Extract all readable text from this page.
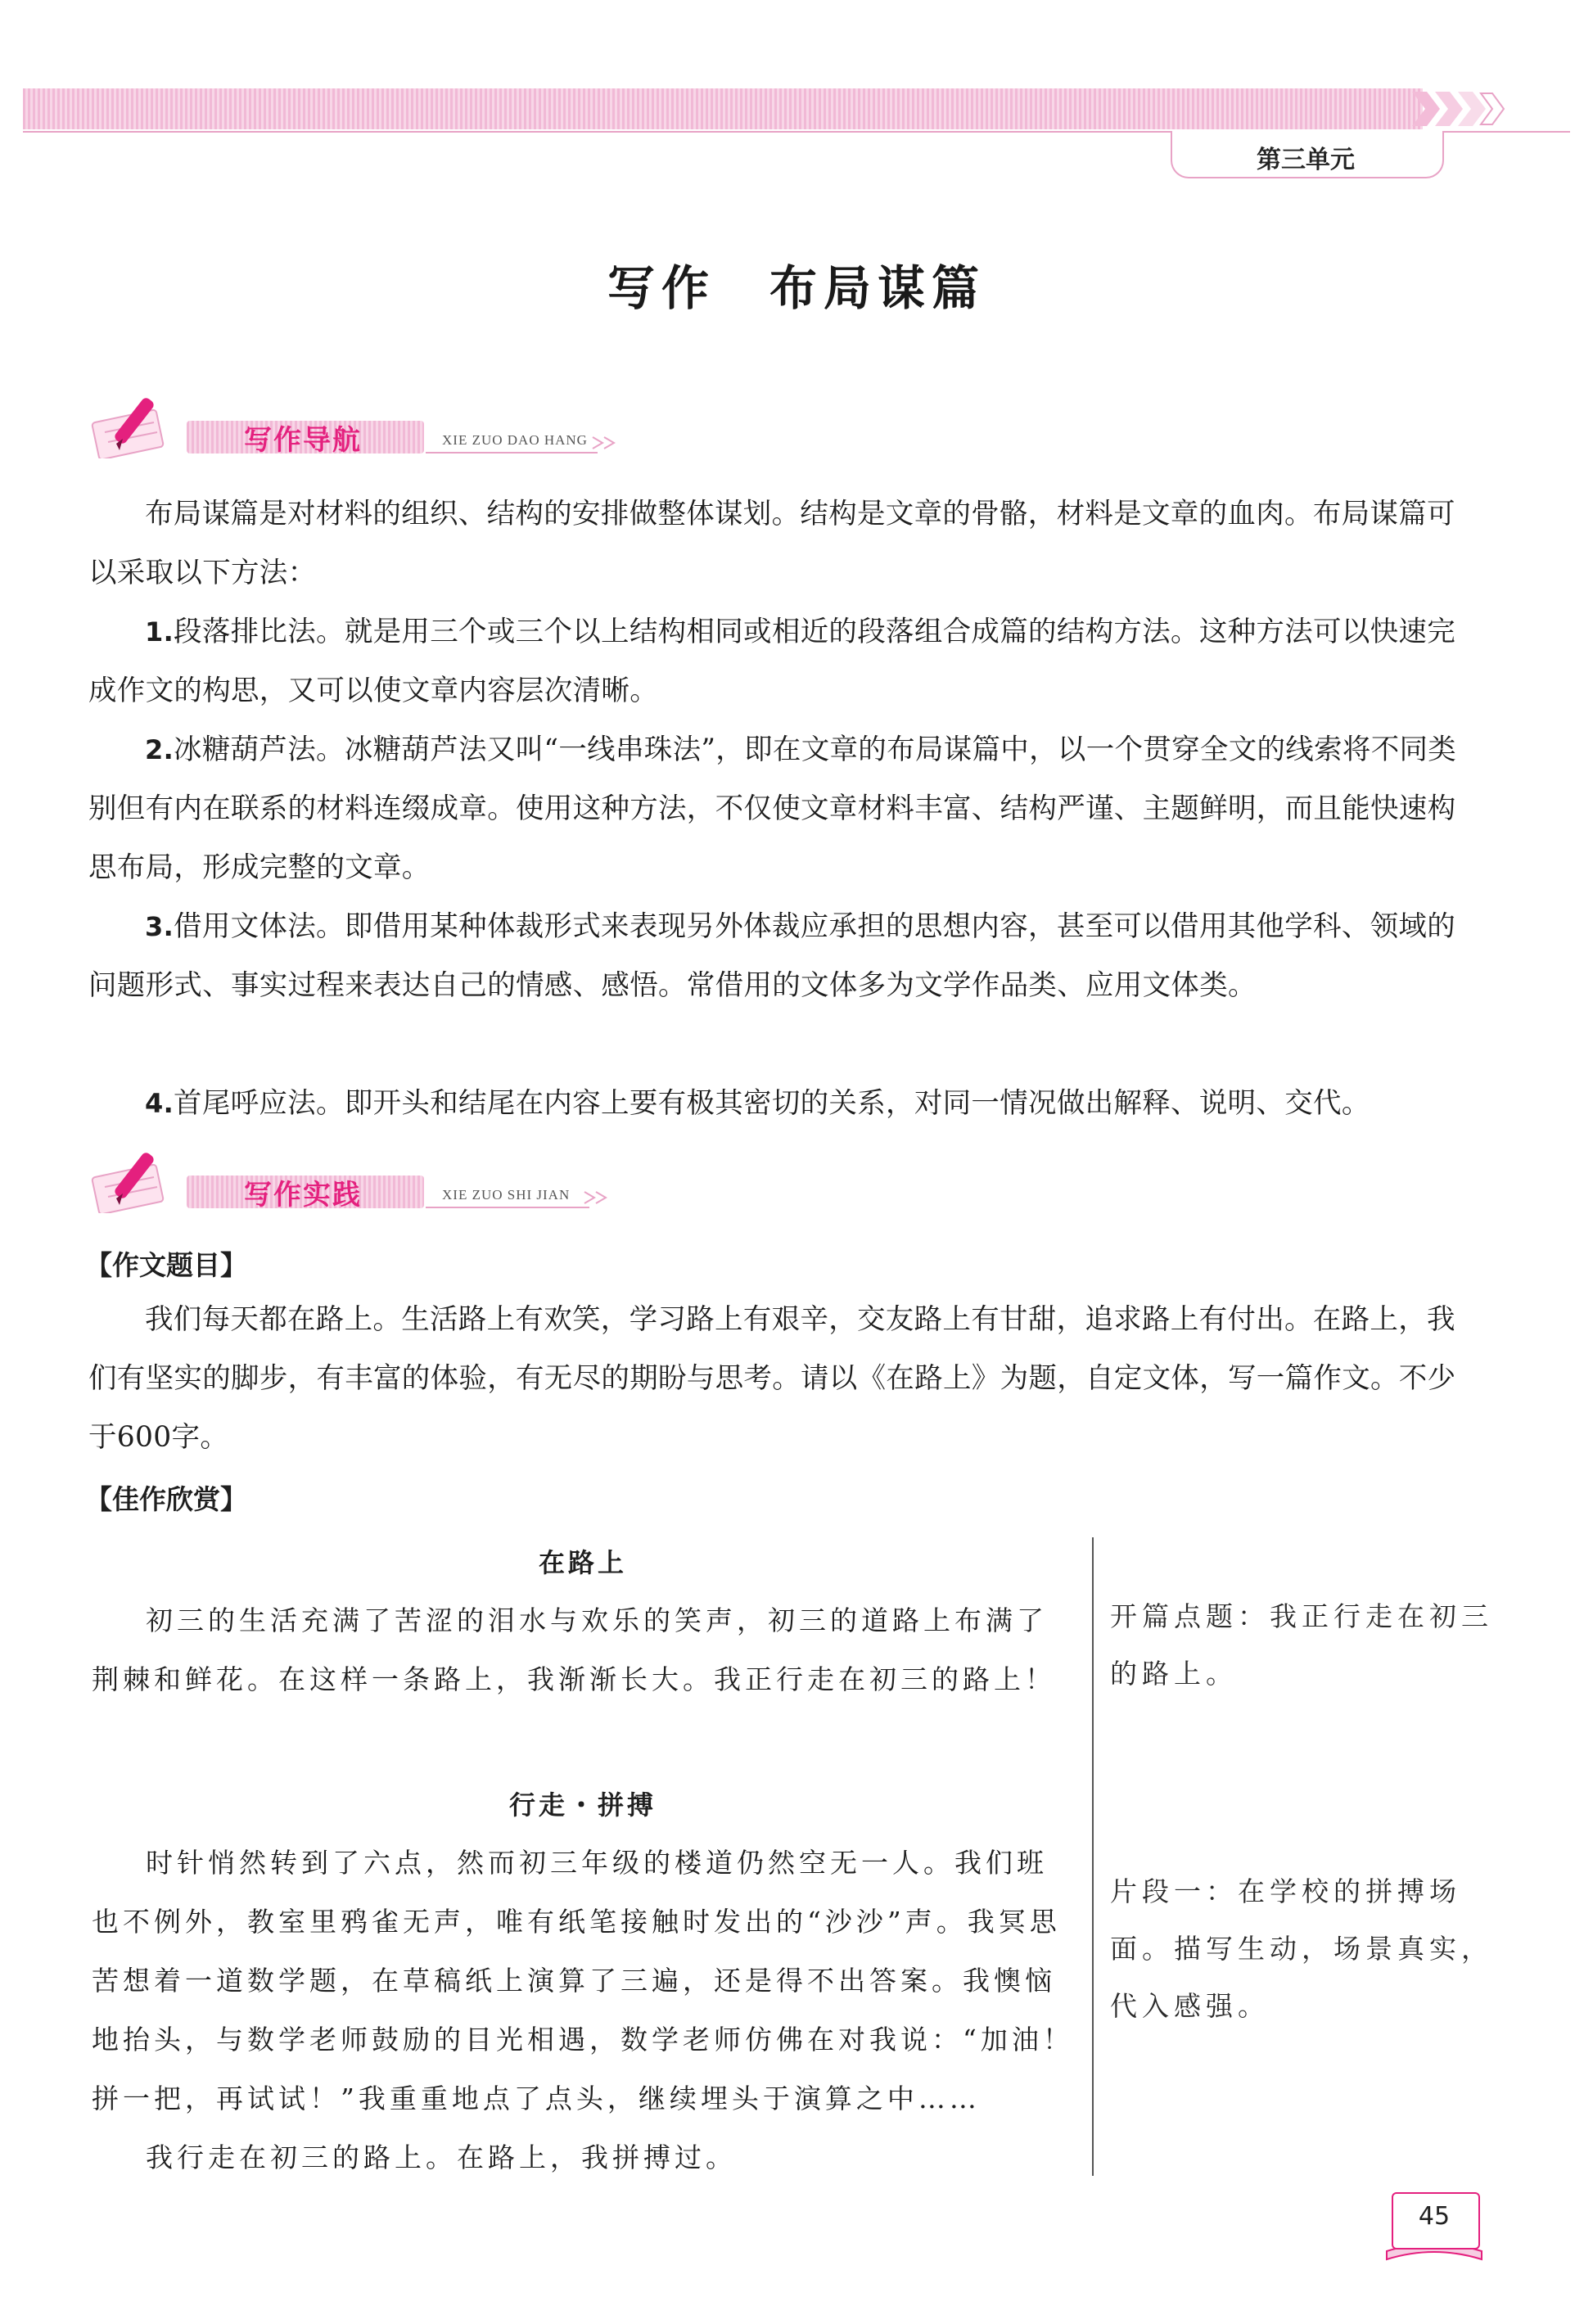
第三单元
写作　布局谋篇
写作导航	XIE ZUO DAO HANG
布局谋篇是对材料的组织、结构的安排做整体谋划。结构是文章的骨骼，材料是文章的血肉。布局谋篇可以采取以下方法：
1.段落排比法。就是用三个或三个以上结构相同或相近的段落组合成篇的结构方法。这种方法可以快速完成作文的构思，又可以使文章内容层次清晰。
2.冰糖葫芦法。冰糖葫芦法又叫“一线串珠法”，即在文章的布局谋篇中，以一个贯穿全文的线索将不同类别但有内在联系的材料连缀成章。使用这种方法，不仅使文章材料丰富、结构严谨、主题鲜明，而且能快速构思布局，形成完整的文章。
3.借用文体法。即借用某种体裁形式来表现另外体裁应承担的思想内容，甚至可以借用其他学科、领域的问题形式、事实过程来表达自己的情感、感悟。常借用的文体多为文学作品类、应用文体类。
4.首尾呼应法。即开头和结尾在内容上要有极其密切的关系，对同一情况做出解释、说明、交代。
写作实践	XIE ZUO SHI JIAN
【作文题目】
我们每天都在路上。生活路上有欢笑，学习路上有艰辛，交友路上有甘甜，追求路上有付出。在路上，我们有坚实的脚步，有丰富的体验，有无尽的期盼与思考。请以《在路上》为题，自定文体，写一篇作文。不少于600字。
【佳作欣赏】
在路上
初三的生活充满了苦涩的泪水与欢乐的笑声，初三的道路上布满了荆棘和鲜花。在这样一条路上，我渐渐长大。我正行走在初三的路上！
行走・拼搏
时针悄然转到了六点，然而初三年级的楼道仍然空无一人。我们班也不例外，教室里鸦雀无声，唯有纸笔接触时发出的“沙沙”声。我冥思苦想着一道数学题，在草稿纸上演算了三遍，还是得不出答案。我懊恼地抬头，与数学老师鼓励的目光相遇，数学老师仿佛在对我说：“加油！拼一把，再试试！”我重重地点了点头，继续埋头于演算之中……
我行走在初三的路上。在路上，我拼搏过。
开篇点题：我正行走在初三的路上。
片段一：在学校的拼搏场面。描写生动，场景真实，代入感强。
45
